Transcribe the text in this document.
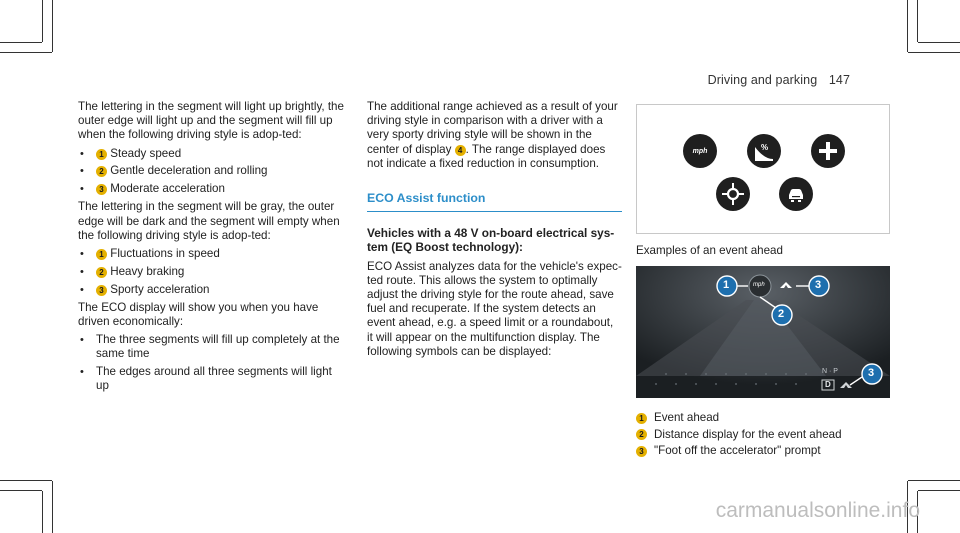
Driving and parking 147

The lettering in the segment will light up brightly, the outer edge will light up and the segment will fill up when the following driving style is adop-ted:

• 1 Steady speed
• 2 Gentle deceleration and rolling
• 3 Moderate acceleration

The lettering in the segment will be gray, the outer edge will be dark and the segment will empty when the following driving style is adop-ted:

• 1 Fluctuations in speed
• 2 Heavy braking
• 3 Sporty acceleration

The ECO display will show you when you have driven economically:

• The three segments will fill up completely at the same time
• The edges around all three segments will light up

The additional range achieved as a result of your driving style in comparison with a driver with a very sporty driving style will be shown in the center of display 4 . The range displayed does not indicate a fixed reduction in consumption.

ECO Assist function
Vehicles with a 48 V on-board electrical sys-tem (EQ Boost technology):

ECO Assist analyzes data for the vehicle's expec-ted route. This allows the system to optimally adjust the driving style for the route ahead, save fuel and recuperate. If the system detects an event ahead, e.g. a speed limit or a roundabout, it will appear on the multifunction display. The following symbols can be displayed:

mph	%
Examples of an event ahead
1	3
2
3
mph
N · P
D
1 Event ahead
2 Distance display for the event ahead
3 "Foot off the accelerator" prompt
carmanualsonline.info
